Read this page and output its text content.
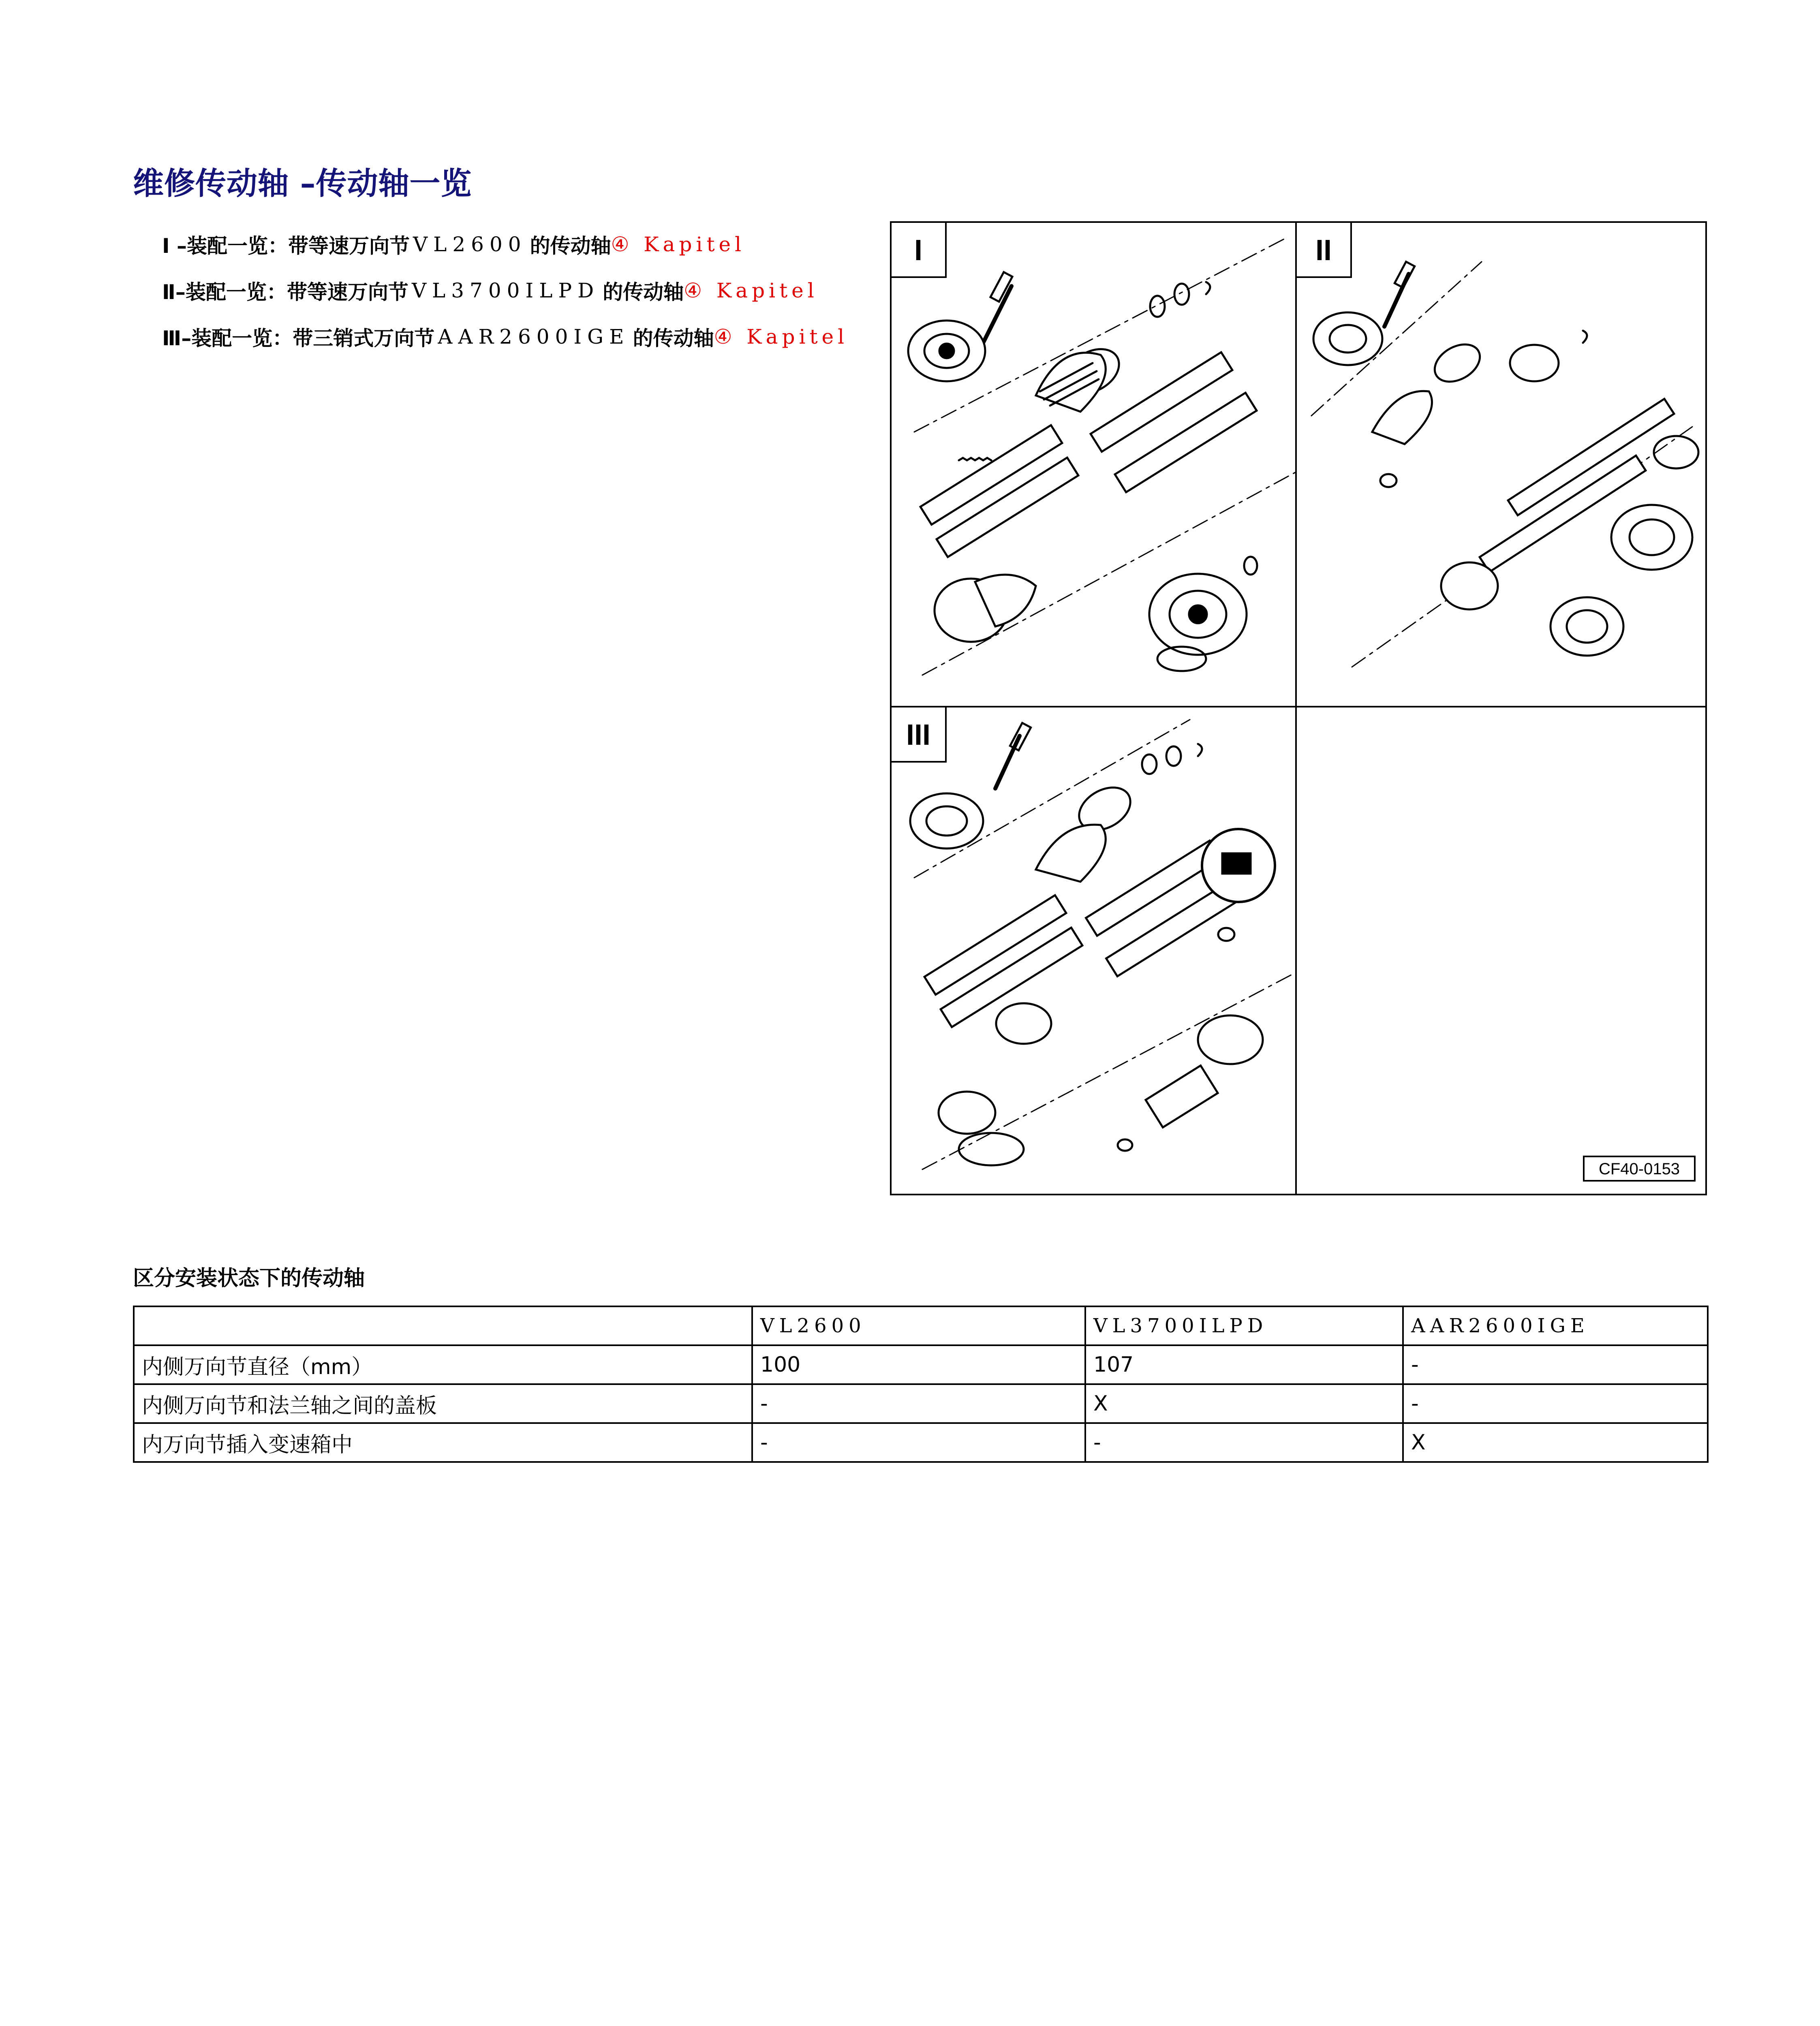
维修传动轴 –传动轴一览
Ⅰ –装配一览：带等速万向节 VL2600 的传动轴 ④ Kapitel
Ⅱ–装配一览：带等速万向节 VL3700ILPD 的传动轴 ④ Kapitel
Ⅲ–装配一览：带三销式万向节 AAR2600IGE 的传动轴 ④ Kapitel
I	II
III
CF40-0153
区分安装状态下的传动轴
	VL2600	VL3700ILPD	AAR2600IGE
内侧万向节直径（mm）	100	107	-
内侧万向节和法兰轴之间的盖板	-	X	-
内万向节插入变速箱中	-	-	X
